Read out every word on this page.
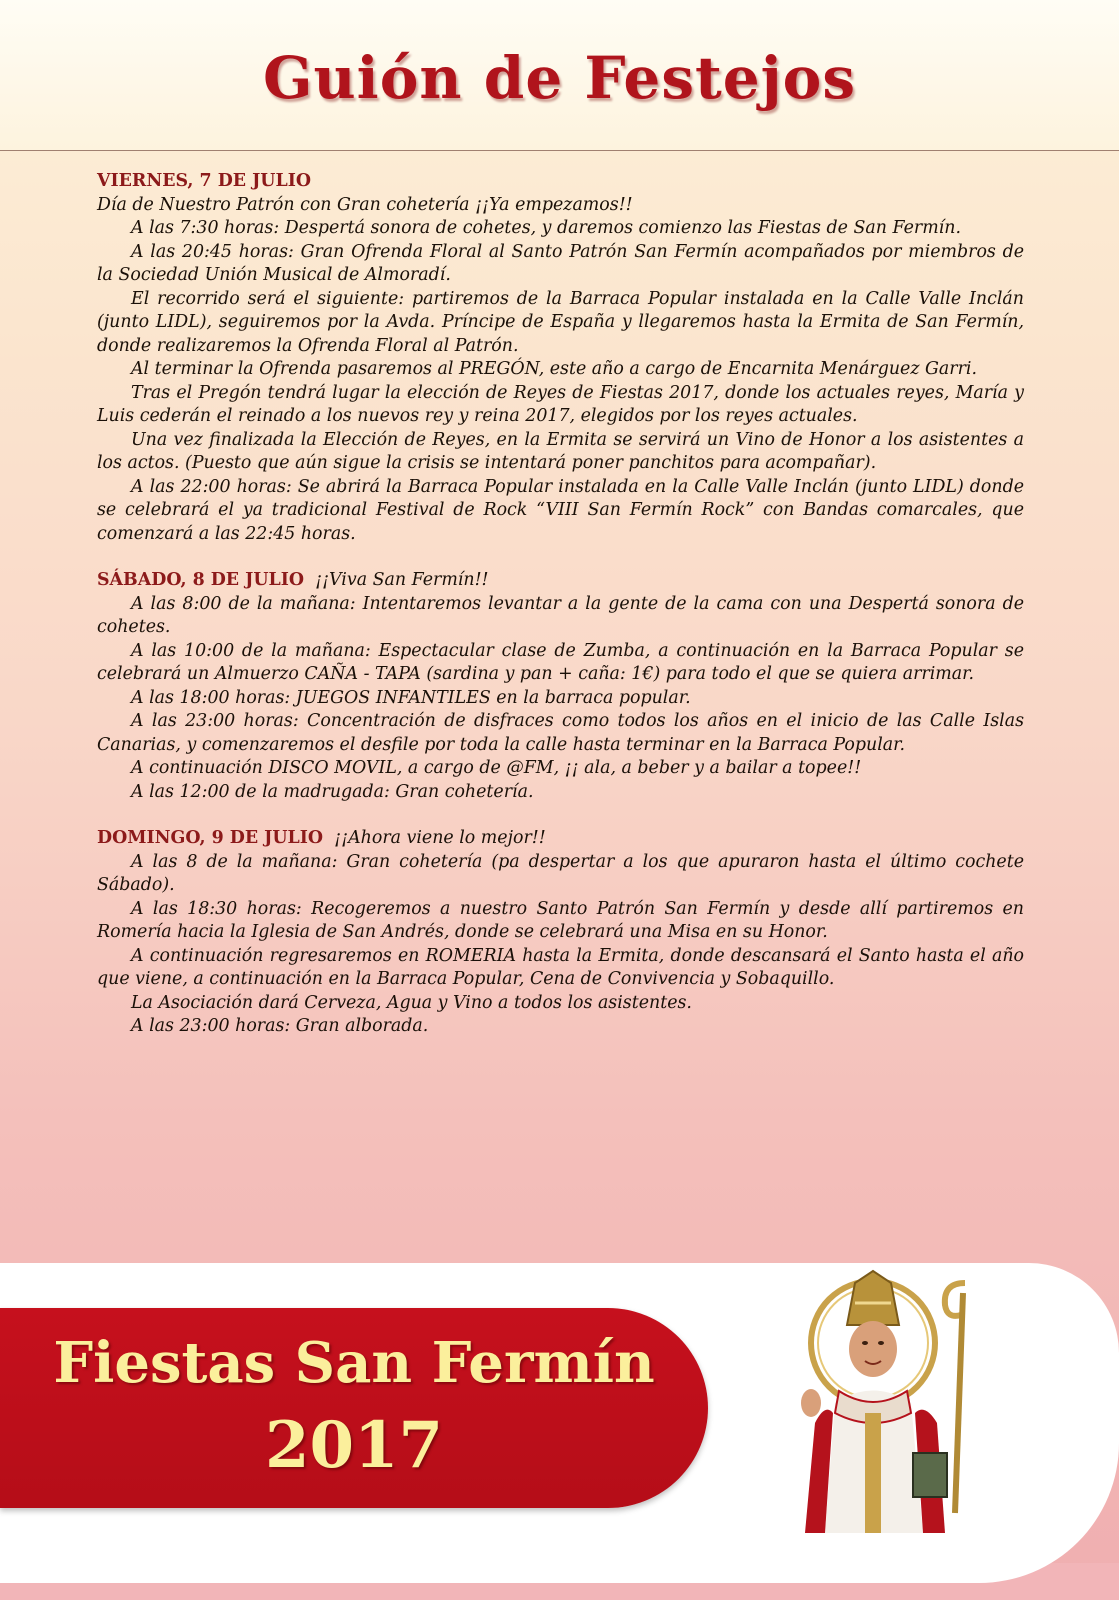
Guión de Festejos
VIERNES, 7 DE JULIO
Día de Nuestro Patrón con Gran cohetería ¡¡Ya empezamos!!
A las 7:30 horas: Despertá sonora de cohetes, y daremos comienzo las Fiestas de San Fermín.
A las 20:45 horas: Gran Ofrenda Floral al Santo Patrón San Fermín acompañados por miembros de la Sociedad Unión Musical de Almoradí.
El recorrido será el siguiente: partiremos de la Barraca Popular instalada en la Calle Valle Inclán (junto LIDL), seguiremos por la Avda. Príncipe de España y llegaremos hasta la Ermita de San Fermín, donde realizaremos la Ofrenda Floral al Patrón.
Al terminar la Ofrenda pasaremos al PREGÓN, este año a cargo de Encarnita Menárguez Garri.
Tras el Pregón tendrá lugar la elección de Reyes de Fiestas 2017, donde los actuales reyes, María y Luis cederán el reinado a los nuevos rey y reina 2017, elegidos por los reyes actuales.
Una vez finalizada la Elección de Reyes, en la Ermita se servirá un Vino de Honor a los asistentes a los actos. (Puesto que aún sigue la crisis se intentará poner panchitos para acompañar).
A las 22:00 horas: Se abrirá la Barraca Popular instalada en la Calle Valle Inclán (junto LIDL) donde se celebrará el ya tradicional Festival de Rock “VIII San Fermín Rock” con Bandas comarcales, que comenzará a las 22:45 horas.
SÁBADO, 8 DE JULIO ¡¡Viva San Fermín!!
A las 8:00 de la mañana: Intentaremos levantar a la gente de la cama con una Despertá sonora de cohetes.
A las 10:00 de la mañana: Espectacular clase de Zumba, a continuación en la Barraca Popular se celebrará un Almuerzo CAÑA - TAPA (sardina y pan + caña: 1€) para todo el que se quiera arrimar.
A las 18:00 horas: JUEGOS INFANTILES en la barraca popular.
A las 23:00 horas: Concentración de disfraces como todos los años en el inicio de las Calle Islas Canarias, y comenzaremos el desfile por toda la calle hasta terminar en la Barraca Popular.
A continuación DISCO MOVIL, a cargo de @FM, ¡¡ ala, a beber y a bailar a topee!!
A las 12:00 de la madrugada: Gran cohetería.
DOMINGO, 9 DE JULIO ¡¡Ahora viene lo mejor!!
A las 8 de la mañana: Gran cohetería (pa despertar a los que apuraron hasta el último cochete Sábado).
A las 18:30 horas: Recogeremos a nuestro Santo Patrón San Fermín y desde allí partiremos en Romería hacia la Iglesia de San Andrés, donde se celebrará una Misa en su Honor.
A continuación regresaremos en ROMERIA hasta la Ermita, donde descansará el Santo hasta el año que viene, a continuación en la Barraca Popular, Cena de Convivencia y Sobaquillo.
La Asociación dará Cerveza, Agua y Vino a todos los asistentes.
A las 23:00 horas: Gran alborada.
Fiestas San Fermín
2017
